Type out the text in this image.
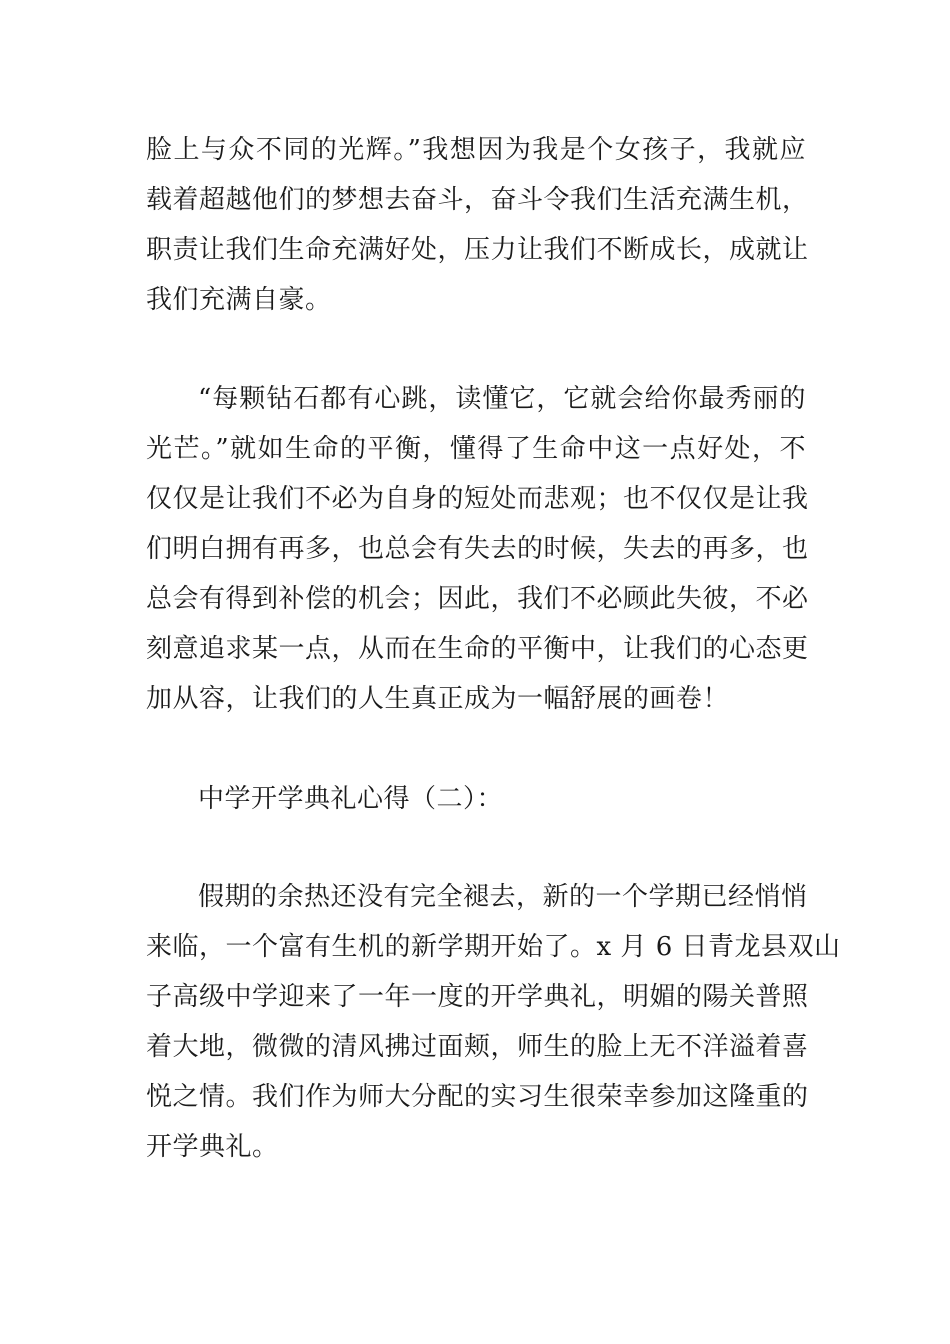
脸上与众不同的光辉。”我想因为我是个女孩子，我就应
载着超越他们的梦想去奋斗，奋斗令我们生活充满生机，
职责让我们生命充满好处，压力让我们不断成长，成就让
我们充满自豪。
“每颗钻石都有心跳，读懂它，它就会给你最秀丽的
光芒。”就如生命的平衡，懂得了生命中这一点好处，不
仅仅是让我们不必为自身的短处而悲观；也不仅仅是让我
们明白拥有再多，也总会有失去的时候，失去的再多，也
总会有得到补偿的机会；因此，我们不必顾此失彼，不必
刻意追求某一点，从而在生命的平衡中，让我们的心态更
加从容，让我们的人生真正成为一幅舒展的画卷！
中学开学典礼心得（二）：
假期的余热还没有完全褪去，新的一个学期已经悄悄
来临，一个富有生机的新学期开始了。x 月 6 日青龙县双山
子高级中学迎来了一年一度的开学典礼，明媚的陽关普照
着大地，微微的清风拂过面颊，师生的脸上无不洋溢着喜
悦之情。我们作为师大分配的实习生很荣幸参加这隆重的
开学典礼。
